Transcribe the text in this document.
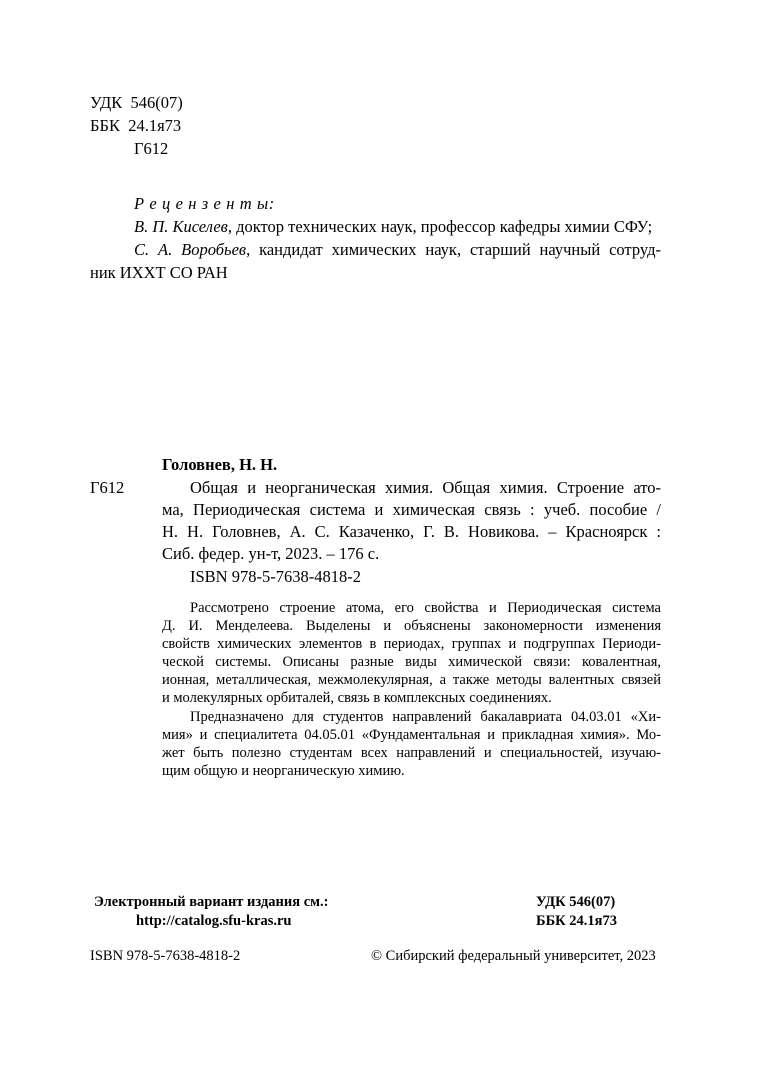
УДК  546(07)
ББК  24.1я73
Г612
Р е ц е н з е н т ы:
В. П. Киселев, доктор технических наук, профессор кафедры химии СФУ;
С. А. Воробьев, кандидат химических наук, старший научный сотруд-
ник ИХХТ СО РАН
Головнев, Н. Н.
Г612	Общая и неорганическая химия. Общая химия. Строение ато-
ма, Периодическая система и химическая связь : учеб. пособие /
Н. Н. Головнев, А. С. Казаченко, Г. В. Новикова. – Красноярск :
Сиб. федер. ун-т, 2023. – 176 с.
ISBN 978-5-7638-4818-2
Рассмотрено строение атома, его свойства и Периодическая система
Д. И. Менделеева. Выделены и объяснены закономерности изменения
свойств химических элементов в периодах, группах и подгруппах Периоди-
ческой системы. Описаны разные виды химической связи: ковалентная,
ионная, металлическая, межмолекулярная, а также методы валентных связей
и молекулярных орбиталей, связь в комплексных соединениях.
Предназначено для студентов направлений бакалавриата 04.03.01 «Хи-
мия» и специалитета 04.05.01 «Фундаментальная и прикладная химия». Мо-
жет быть полезно студентам всех направлений и специальностей, изучаю-
щим общую и неорганическую химию.
Электронный вариант издания см.:
http://catalog.sfu-kras.ru
УДК 546(07)
ББК 24.1я73
ISBN 978-5-7638-4818-2	© Сибирский федеральный университет, 2023
